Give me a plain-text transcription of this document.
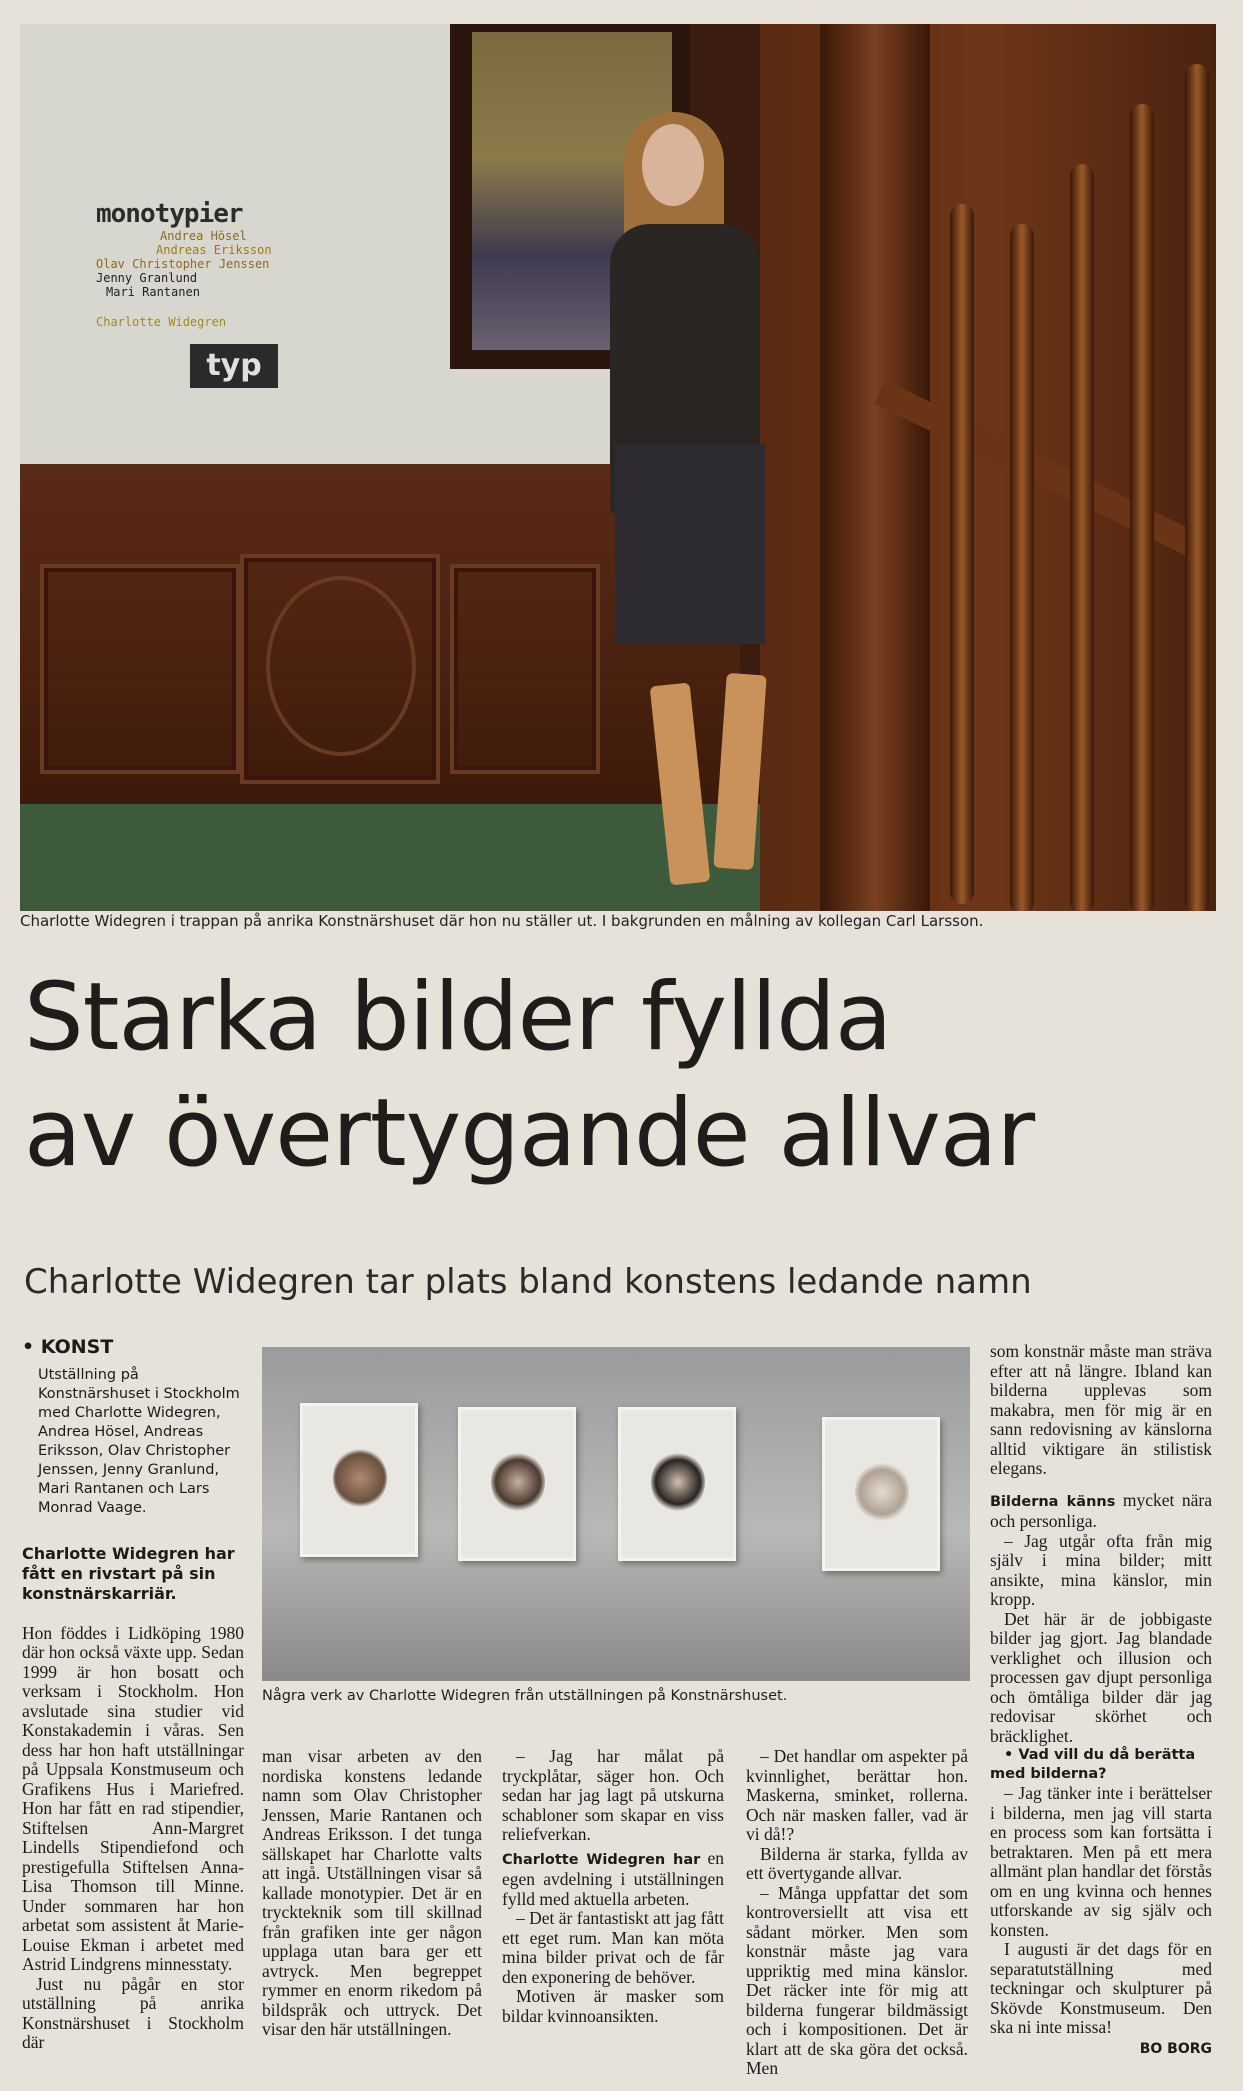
monotypier
Andrea Hösel
Andreas Eriksson
Olav Christopher Jenssen
Jenny Granlund
Mari Rantanen
Charlotte Widegren
typ
Charlotte Widegren i trappan på anrika Konstnärshuset där hon nu ställer ut. I bakgrunden en målning av kollegan Carl Larsson.
Starka bilder fyllda
av övertygande allvar
Charlotte Widegren tar plats bland konstens ledande namn
• KONST
Utställning på Konstnärshuset i Stockholm med Charlotte Widegren, Andrea Hösel, Andreas Eriksson, Olav Christopher Jenssen, Jenny Granlund, Mari Rantanen och Lars Monrad Vaage.
Charlotte Widegren har fått en rivstart på sin konstnärskarriär.

Hon föddes i Lidköping 1980 där hon också växte upp. Sedan 1999 är hon bosatt och verksam i Stockholm. Hon avslutade sina studier vid Konstakademin i våras. Sen dess har hon haft utställningar på Uppsala Konstmuseum och Grafikens Hus i Mariefred. Hon har fått en rad stipendier, Stiftelsen Ann-Margret Lindells Stipendiefond och prestigefulla Stiftelsen Anna-Lisa Thomson till Minne. Under sommaren har hon arbetat som assistent åt Marie-Louise Ekman i arbetet med Astrid Lindgrens minnesstaty.

Just nu pågår en stor utställning på anrika Konstnärshuset i Stockholm där

Några verk av Charlotte Widegren från utställningen på Konstnärshuset.

man visar arbeten av den nordiska konstens ledande namn som Olav Christopher Jenssen, Marie Rantanen och Andreas Eriksson. I det tunga sällskapet har Charlotte valts att ingå. Utställningen visar så kallade monotypier. Det är en tryckteknik som till skillnad från grafiken inte ger någon upplaga utan bara ger ett avtryck. Men begreppet rymmer en enorm rikedom på bildspråk och uttryck. Det visar den här utställningen.

– Jag har målat på tryckplåtar, säger hon. Och sedan har jag lagt på utskurna schabloner som skapar en viss reliefverkan.

Charlotte Widegren har en egen avdelning i utställningen fylld med aktuella arbeten.

– Det är fantastiskt att jag fått ett eget rum. Man kan möta mina bilder privat och de får den exponering de behöver.

Motiven är masker som bildar kvinnoansikten.

– Det handlar om aspekter på kvinnlighet, berättar hon. Maskerna, sminket, rollerna. Och när masken faller, vad är vi då!?

Bilderna är starka, fyllda av ett övertygande allvar.

– Många uppfattar det som kontroversiellt att visa ett sådant mörker. Men som konstnär måste jag vara uppriktig med mina känslor. Det räcker inte för mig att bilderna fungerar bildmässigt och i kompositionen. Det är klart att de ska göra det också. Men

som konstnär måste man sträva efter att nå längre. Ibland kan bilderna upplevas som makabra, men för mig är en sann redovisning av känslorna alltid viktigare än stilistisk elegans.

Bilderna känns mycket nära och personliga.

– Jag utgår ofta från mig själv i mina bilder; mitt ansikte, mina känslor, min kropp.

Det här är de jobbigaste bilder jag gjort. Jag blandade verklighet och illusion och processen gav djupt personliga och ömtåliga bilder där jag redovisar skörhet och bräcklighet.

• Vad vill du då berätta med bilderna?

– Jag tänker inte i berättelser i bilderna, men jag vill starta en process som kan fortsätta i betraktaren. Men på ett mera allmänt plan handlar det förstås om en ung kvinna och hennes utforskande av sig själv och konsten.

I augusti är det dags för en separatutställning med teckningar och skulpturer på Skövde Konstmuseum. Den ska ni inte missa!

BO BORG
